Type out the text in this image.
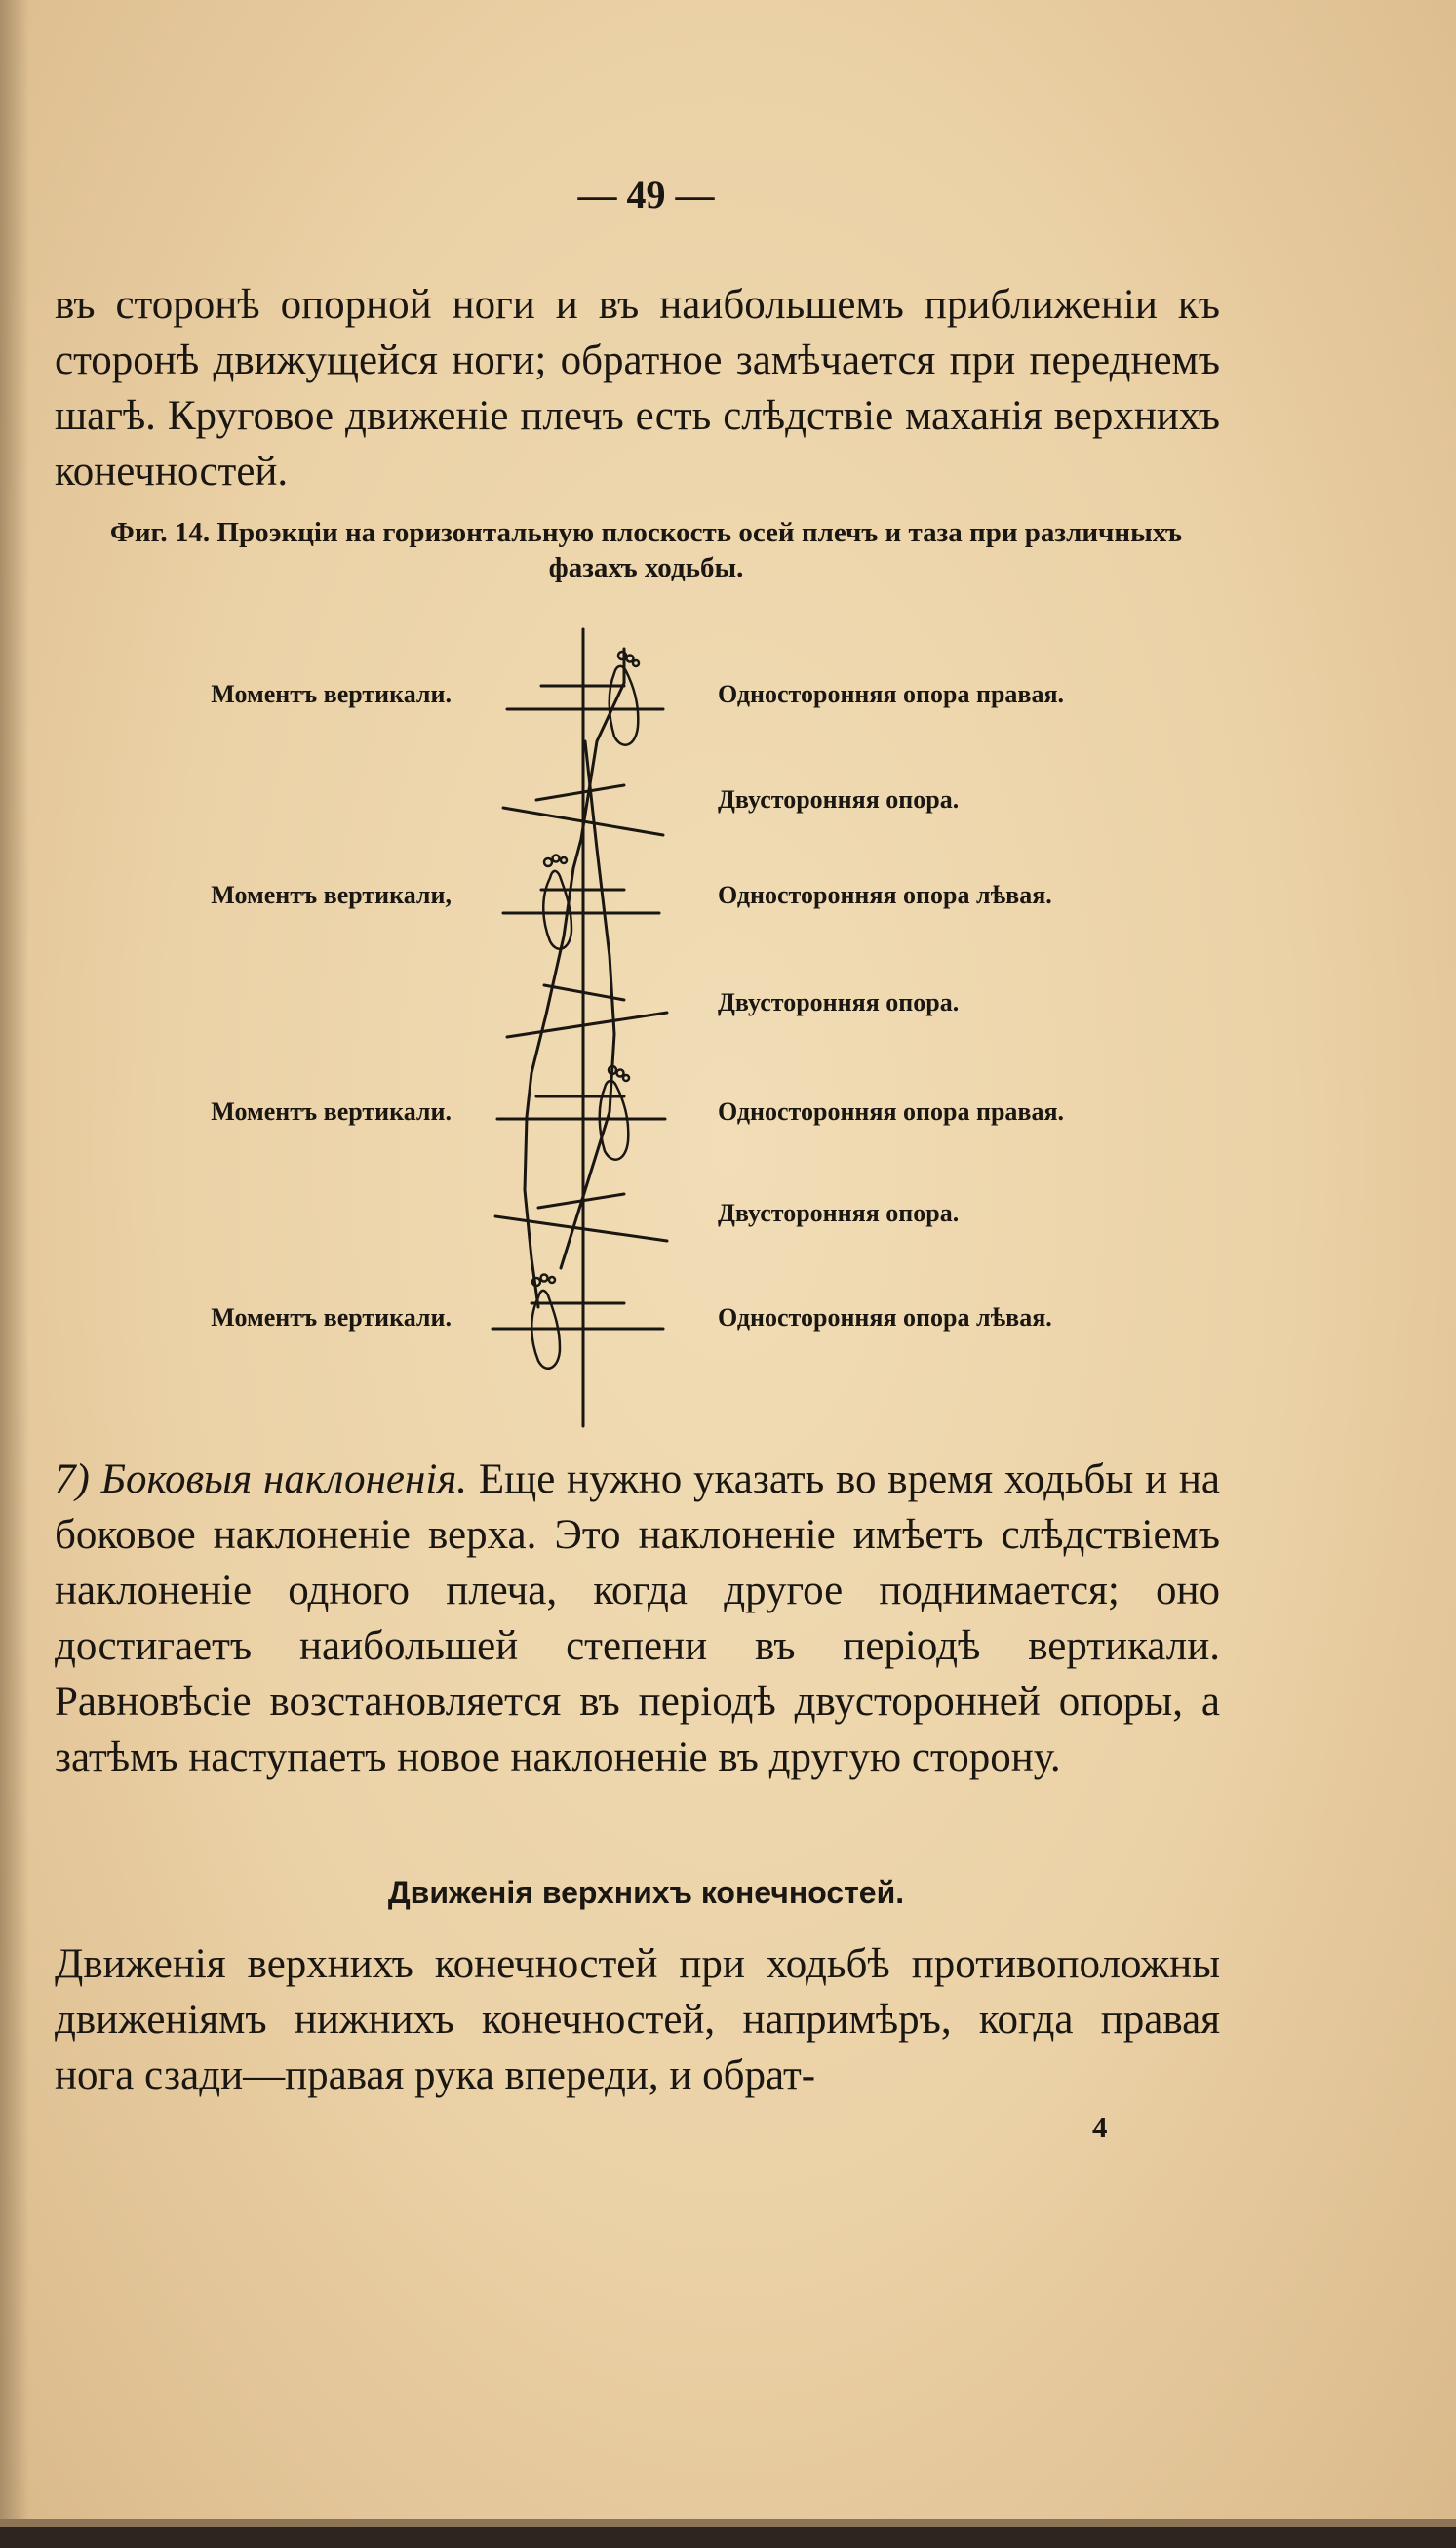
— 49 —

въ сторонѣ опорной ноги и въ наибольшемъ приближенiи къ сторонѣ движущейся ноги; обратное замѣчается при переднемъ шагѣ. Круговое движенiе плечъ есть слѣдствiе маханiя верхнихъ конечностей.

Фиг. 14. Проэкцiи на горизонтальную плоскость осей плечъ и таза при различныхъ фазахъ ходьбы.
Моментъ вертикали.	Односторонняя опора правая.
Двусторонняя опора.
Моментъ вертикали,	Односторонняя опора лѣвая.
Двусторонняя опора.
Моментъ вертикали.	Односторонняя опора правая.
Двусторонняя опора.
Моментъ вертикали.	Односторонняя опора лѣвая.

7) Боковыя наклоненiя. Еще нужно указать во время ходьбы и на боковое наклоненiе верха. Это наклоненiе имѣетъ слѣдствiемъ наклоненiе одного плеча, когда другое поднимается; оно достигаетъ наибольшей степени въ перiодѣ вертикали. Равновѣсiе возстановляется въ перiодѣ двусторонней опоры, а затѣмъ наступаетъ новое наклоненiе въ другую сторону.

Движенiя верхнихъ конечностей.

Движенiя верхнихъ конечностей при ходьбѣ противоположны движенiямъ нижнихъ конечностей, напримѣръ, когда правая нога сзади—правая рука впереди, и обрат-

4
